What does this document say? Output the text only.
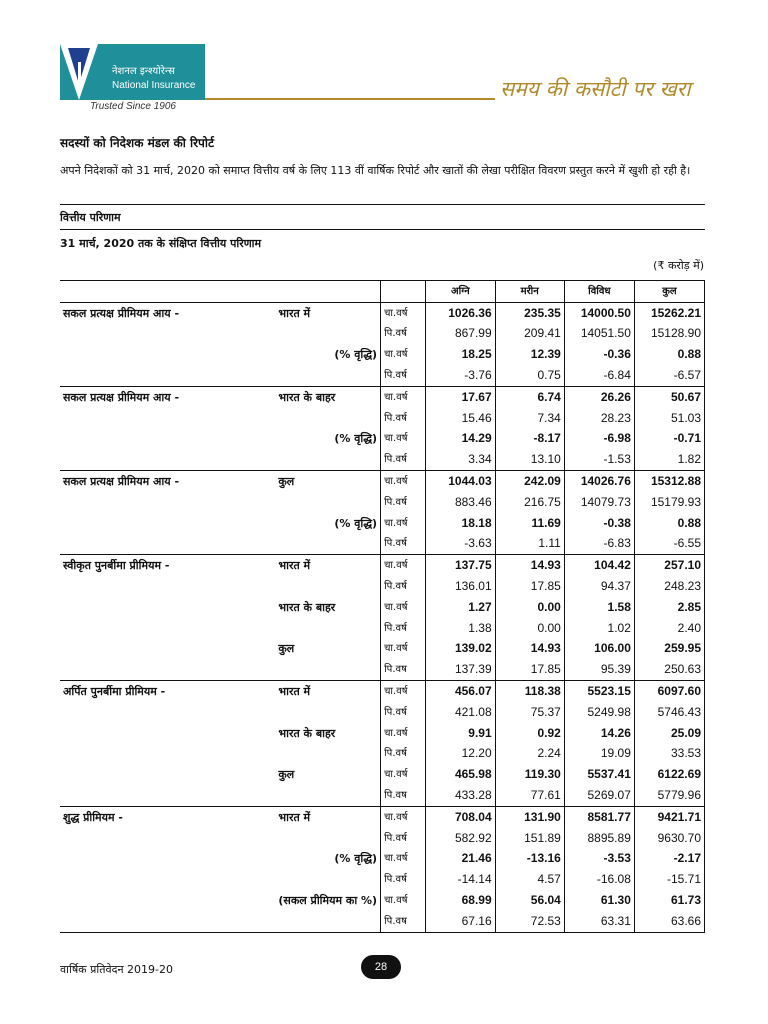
नेशनल इन्श्योरेन्स
National Insurance
Trusted Since 1906
समय की कसौटी पर खरा
सदस्यों को निदेशक मंडल की रिपोर्ट
अपने निदेशकों को 31 मार्च, 2020 को समाप्त वित्तीय वर्ष के लिए 113 वीं वार्षिक रिपोर्ट और खातों की लेखा परीक्षित विवरण प्रस्तुत करने में खुशी हो रही है।
वित्तीय परिणाम
31 मार्च, 2020 तक के संक्षिप्त वित्तीय परिणाम
(₹ करोड़ में)
			अग्नि	मरीन	विविध	कुल
सकल प्रत्यक्ष प्रीमियम आय -	भारत में	चा.वर्ष	1026.36	235.35	14000.50	15262.21
		पि.वर्ष	867.99	209.41	14051.50	15128.90
	(% वृद्धि)	चा.वर्ष	18.25	12.39	-0.36	0.88
		पि.वर्ष	-3.76	0.75	-6.84	-6.57
सकल प्रत्यक्ष प्रीमियम आय -	भारत के बाहर	चा.वर्ष	17.67	6.74	26.26	50.67
		पि.वर्ष	15.46	7.34	28.23	51.03
	(% वृद्धि)	चा.वर्ष	14.29	-8.17	-6.98	-0.71
		पि.वर्ष	3.34	13.10	-1.53	1.82
सकल प्रत्यक्ष प्रीमियम आय -	कुल	चा.वर्ष	1044.03	242.09	14026.76	15312.88
		पि.वर्ष	883.46	216.75	14079.73	15179.93
	(% वृद्धि)	चा.वर्ष	18.18	11.69	-0.38	0.88
		पि.वर्ष	-3.63	1.11	-6.83	-6.55
स्वीकृत पुनर्बीमा प्रीमियम -	भारत में	चा.वर्ष	137.75	14.93	104.42	257.10
		पि.वर्ष	136.01	17.85	94.37	248.23
	भारत के बाहर	चा.वर्ष	1.27	0.00	1.58	2.85
		पि.वर्ष	1.38	0.00	1.02	2.40
	कुल	चा.वर्ष	139.02	14.93	106.00	259.95
		पि.वष	137.39	17.85	95.39	250.63
अर्पित पुनर्बीमा प्रीमियम -	भारत में	चा.वर्ष	456.07	118.38	5523.15	6097.60
		पि.वर्ष	421.08	75.37	5249.98	5746.43
	भारत के बाहर	चा.वर्ष	9.91	0.92	14.26	25.09
		पि.वर्ष	12.20	2.24	19.09	33.53
	कुल	चा.वर्ष	465.98	119.30	5537.41	6122.69
		पि.वष	433.28	77.61	5269.07	5779.96
शुद्ध प्रीमियम -	भारत में	चा.वर्ष	708.04	131.90	8581.77	9421.71
		पि.वर्ष	582.92	151.89	8895.89	9630.70
	(% वृद्धि)	चा.वर्ष	21.46	-13.16	-3.53	-2.17
		पि.वर्ष	-14.14	4.57	-16.08	-15.71
	(सकल प्रीमियम का %)	चा.वर्ष	68.99	56.04	61.30	61.73
		पि.वष	67.16	72.53	63.31	63.66
वार्षिक प्रतिवेदन 2019-20	28
